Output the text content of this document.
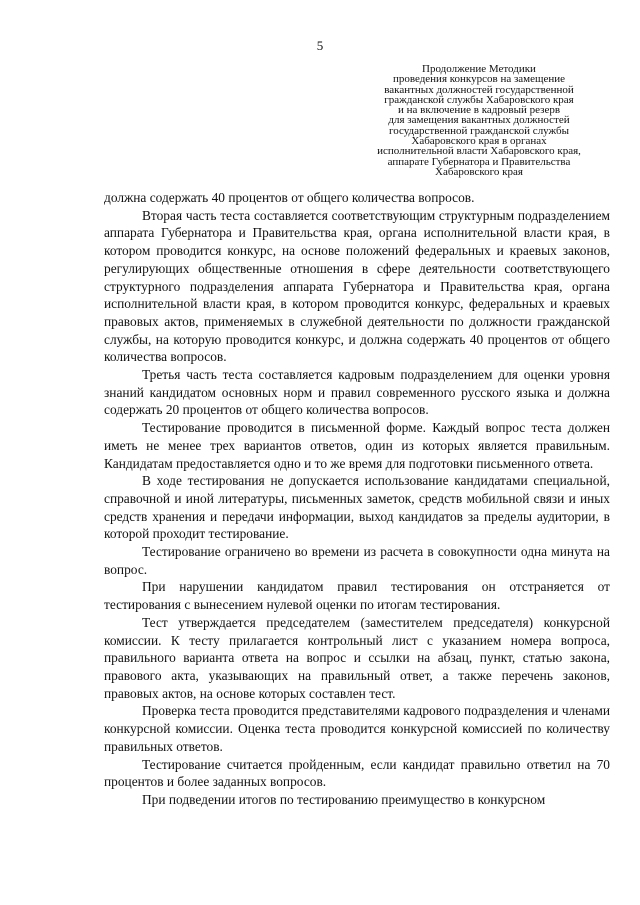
5
Продолжение Методики
проведения конкурсов на замещение
вакантных должностей государственной
гражданской службы Хабаровского края
и на включение в кадровый резерв
для замещения вакантных должностей
государственной гражданской службы
Хабаровского края в органах
исполнительной власти Хабаровского края,
аппарате Губернатора и Правительства
Хабаровского края

должна содержать 40 процентов от общего количества вопросов.

Вторая часть теста составляется соответствующим структурным подразделением аппарата Губернатора и Правительства края, органа исполнительной власти края, в котором проводится конкурс, на основе положений федеральных и краевых законов, регулирующих общественные отношения в сфере деятельности соответствующего структурного подразделения аппарата Губернатора и Правительства края, органа исполнительной власти края, в котором проводится конкурс, федеральных и краевых правовых актов, применяемых в служебной деятельности по должности гражданской службы, на которую проводится конкурс, и должна содержать 40 процентов от общего количества вопросов.

Третья часть теста составляется кадровым подразделением для оценки уровня знаний кандидатом основных норм и правил современного русского языка и должна содержать 20 процентов от общего количества вопросов.

Тестирование проводится в письменной форме. Каждый вопрос теста должен иметь не менее трех вариантов ответов, один из которых является правильным. Кандидатам предоставляется одно и то же время для подготовки письменного ответа.

В ходе тестирования не допускается использование кандидатами специальной, справочной и иной литературы, письменных заметок, средств мобильной связи и иных средств хранения и передачи информации, выход кандидатов за пределы аудитории, в которой проходит тестирование.

Тестирование ограничено во времени из расчета в совокупности одна минута на вопрос.

При нарушении кандидатом правил тестирования он отстраняется от тестирования с вынесением нулевой оценки по итогам тестирования.

Тест утверждается председателем (заместителем председателя) конкурсной комиссии. К тесту прилагается контрольный лист с указанием номера вопроса, правильного варианта ответа на вопрос и ссылки на абзац, пункт, статью закона, правового акта, указывающих на правильный ответ, а также перечень законов, правовых актов, на основе которых составлен тест.

Проверка теста проводится представителями кадрового подразделения и членами конкурсной комиссии. Оценка теста проводится конкурсной комиссией по количеству правильных ответов.

Тестирование считается пройденным, если кандидат правильно ответил на 70 процентов и более заданных вопросов.

При подведении итогов по тестированию преимущество в конкурсном
